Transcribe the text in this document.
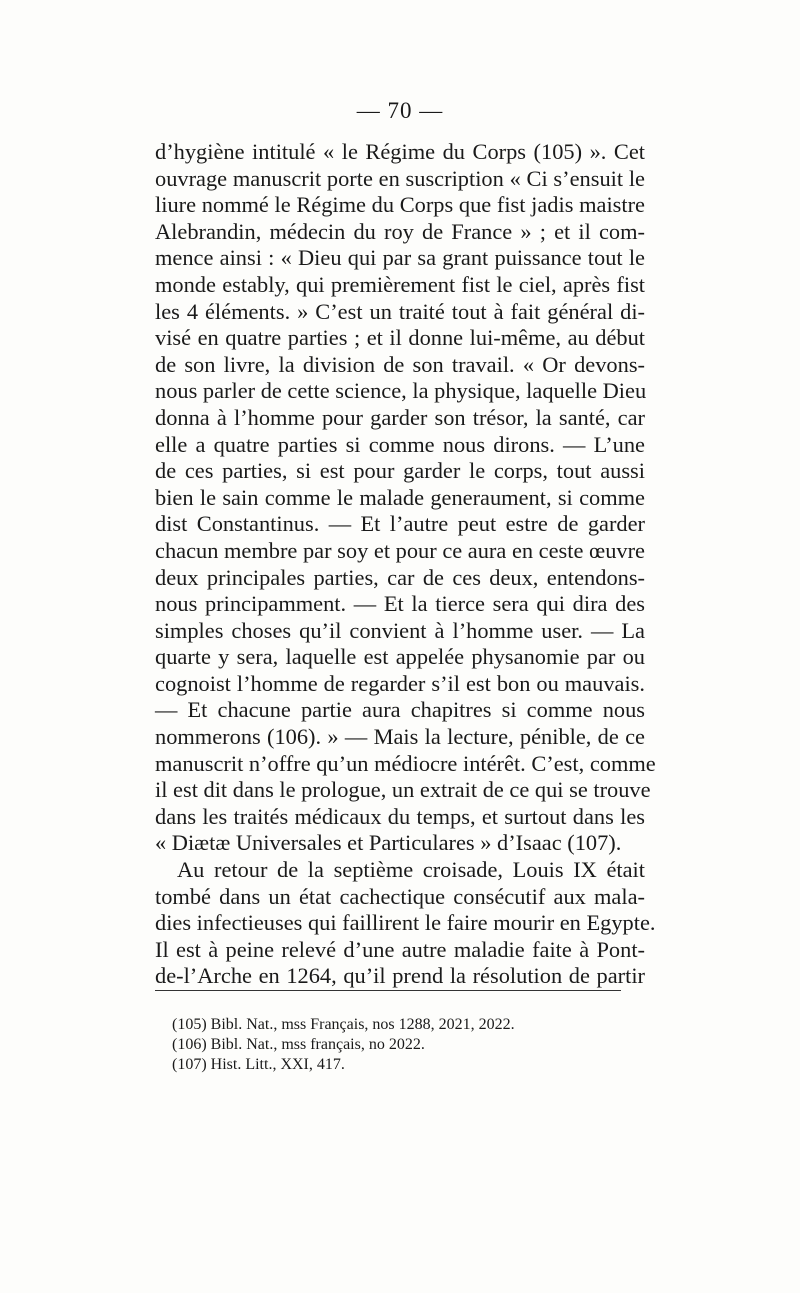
— 70 —
d’hygiène intitulé « le Régime du Corps (105) ». Cet
ouvrage manuscrit porte en suscription « Ci s’ensuit le
liure nommé le Régime du Corps que fist jadis maistre
Alebrandin, médecin du roy de France » ; et il com-
mence ainsi : « Dieu qui par sa grant puissance tout le
monde estably, qui premièrement fist le ciel, après fist
les 4 éléments. » C’est un traité tout à fait général di-
visé en quatre parties ; et il donne lui-même, au début
de son livre, la division de son travail. « Or devons-
nous parler de cette science, la physique, laquelle Dieu
donna à l’homme pour garder son trésor, la santé, car
elle a quatre parties si comme nous dirons. — L’une
de ces parties, si est pour garder le corps, tout aussi
bien le sain comme le malade generaument, si comme
dist Constantinus. — Et l’autre peut estre de garder
chacun membre par soy et pour ce aura en ceste œuvre
deux principales parties, car de ces deux, entendons-
nous principamment. — Et la tierce sera qui dira des
simples choses qu’il convient à l’homme user. — La
quarte y sera, laquelle est appelée physanomie par ou
cognoist l’homme de regarder s’il est bon ou mauvais.
— Et chacune partie aura chapitres si comme nous
nommerons (106). » — Mais la lecture, pénible, de ce
manuscrit n’offre qu’un médiocre intérêt. C’est, comme
il est dit dans le prologue, un extrait de ce qui se trouve
dans les traités médicaux du temps, et surtout dans les
« Diætæ Universales et Particulares » d’Isaac (107).
Au retour de la septième croisade, Louis IX était
tombé dans un état cachectique consécutif aux mala-
dies infectieuses qui faillirent le faire mourir en Egypte.
Il est à peine relevé d’une autre maladie faite à Pont-
de-l’Arche en 1264, qu’il prend la résolution de partir
(105) Bibl. Nat., mss Français, nos 1288, 2021, 2022.
(106) Bibl. Nat., mss français, no 2022.
(107) Hist. Litt., XXI, 417.
